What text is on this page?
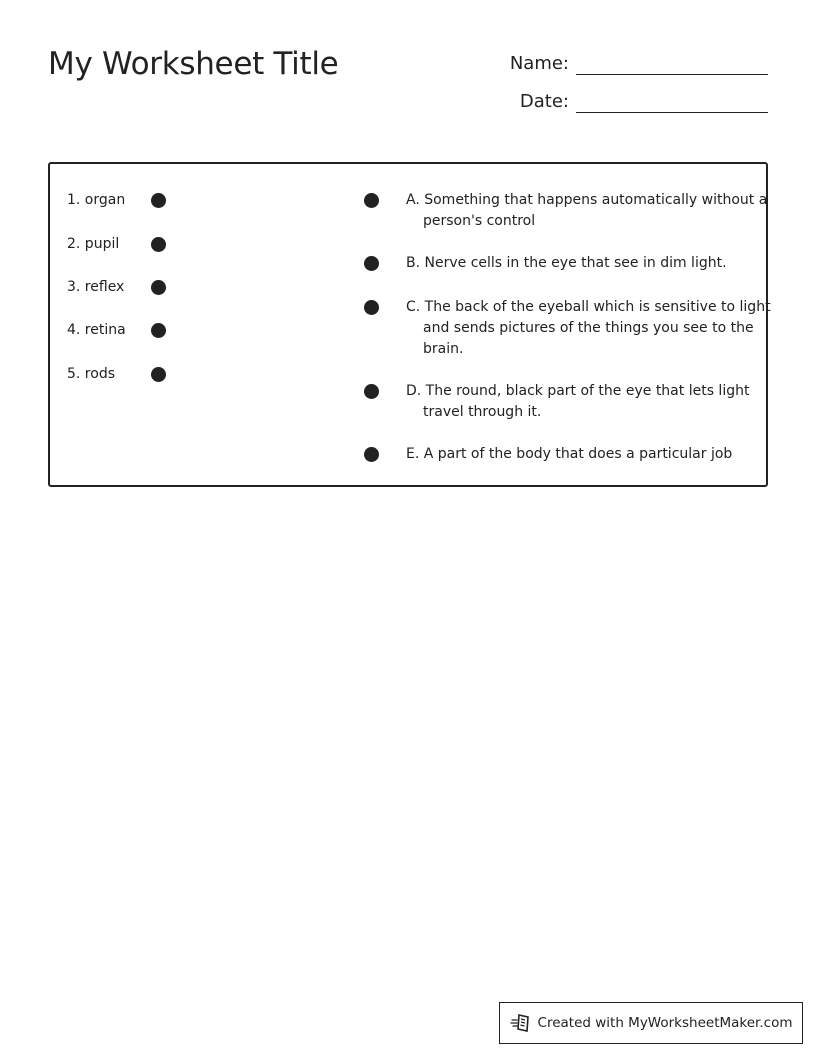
My Worksheet Title	Name:
Date:
1. organ
2. pupil
3. reflex
4. retina
5. rods
A. Something that happens automatically without a person's control
B. Nerve cells in the eye that see in dim light.
C. The back of the eyeball which is sensitive to light and sends pictures of the things you see to the brain.
D. The round, black part of the eye that lets light travel through it.
E. A part of the body that does a particular job
Created with MyWorksheetMaker.com
